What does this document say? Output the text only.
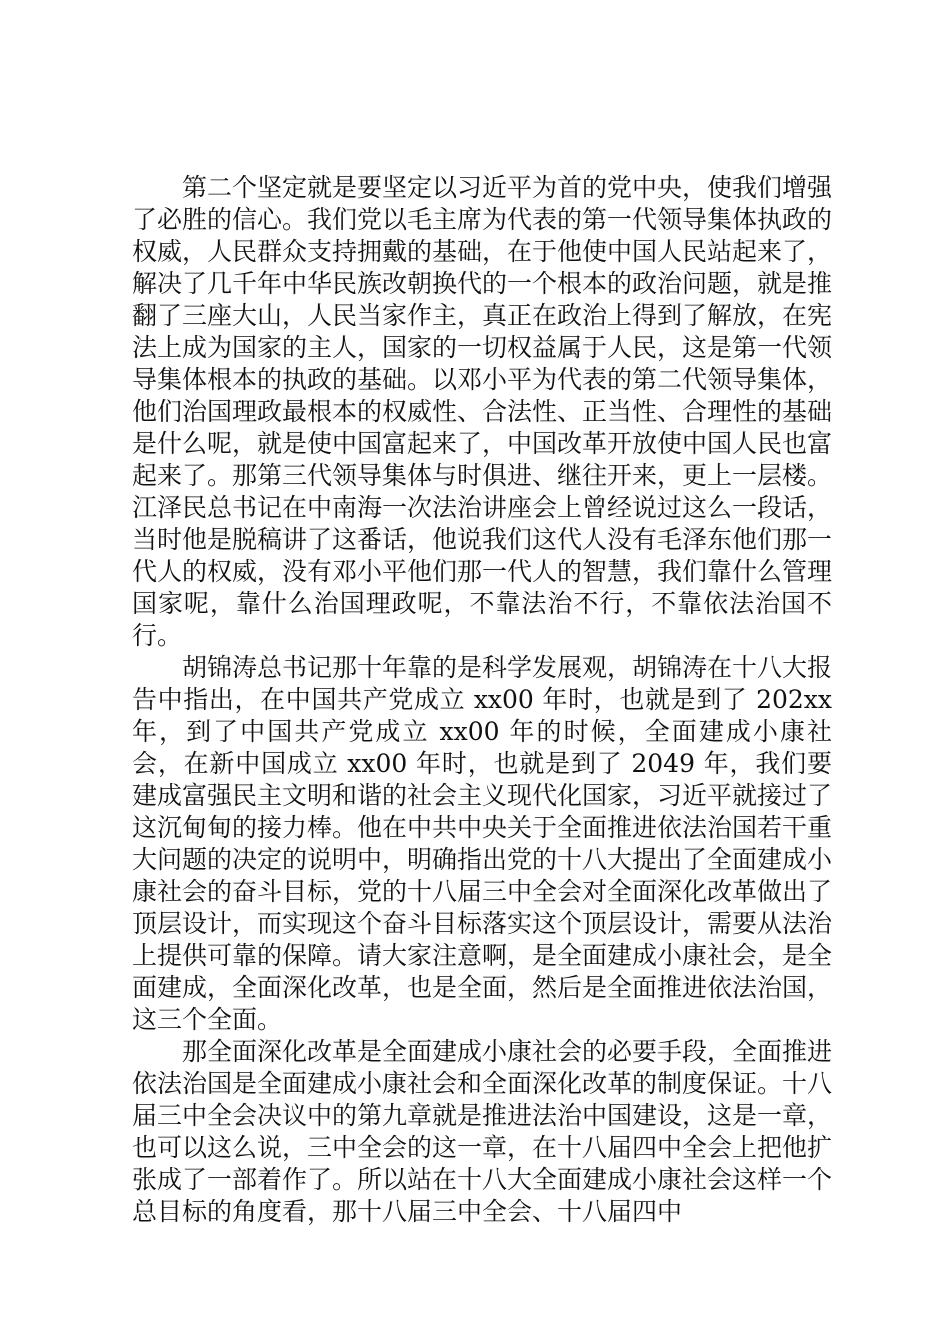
第二个坚定就是要坚定以习近平为首的党中央，使我们增强了必胜的信心。我们党以毛主席为代表的第一代领导集体执政的权威，人民群众支持拥戴的基础，在于他使中国人民站起来了，解决了几千年中华民族改朝换代的一个根本的政治问题，就是推翻了三座大山，人民当家作主，真正在政治上得到了解放，在宪法上成为国家的主人，国家的一切权益属于人民，这是第一代领导集体根本的执政的基础。以邓小平为代表的第二代领导集体，他们治国理政最根本的权威性、合法性、正当性、合理性的基础是什么呢，就是使中国富起来了，中国改革开放使中国人民也富起来了。那第三代领导集体与时俱进、继往开来，更上一层楼。江泽民总书记在中南海一次法治讲座会上曾经说过这么一段话，当时他是脱稿讲了这番话，他说我们这代人没有毛泽东他们那一代人的权威，没有邓小平他们那一代人的智慧，我们靠什么管理国家呢，靠什么治国理政呢，不靠法治不行，不靠依法治国不行。

胡锦涛总书记那十年靠的是科学发展观，胡锦涛在十八大报告中指出，在中国共产党成立 xx00 年时，也就是到了 202xx 年，到了中国共产党成立 xx00 年的时候，全面建成小康社会，在新中国成立 xx00 年时，也就是到了 2049 年，我们要建成富强民主文明和谐的社会主义现代化国家，习近平就接过了这沉甸甸的接力棒。他在中共中央关于全面推进依法治国若干重大问题的决定的说明中，明确指出党的十八大提出了全面建成小康社会的奋斗目标，党的十八届三中全会对全面深化改革做出了顶层设计，而实现这个奋斗目标落实这个顶层设计，需要从法治上提供可靠的保障。请大家注意啊，是全面建成小康社会，是全面建成，全面深化改革，也是全面，然后是全面推进依法治国，这三个全面。

那全面深化改革是全面建成小康社会的必要手段，全面推进依法治国是全面建成小康社会和全面深化改革的制度保证。十八届三中全会决议中的第九章就是推进法治中国建设，这是一章，也可以这么说，三中全会的这一章，在十八届四中全会上把他扩张成了一部着作了。所以站在十八大全面建成小康社会这样一个总目标的角度看，那十八届三中全会、十八届四中
